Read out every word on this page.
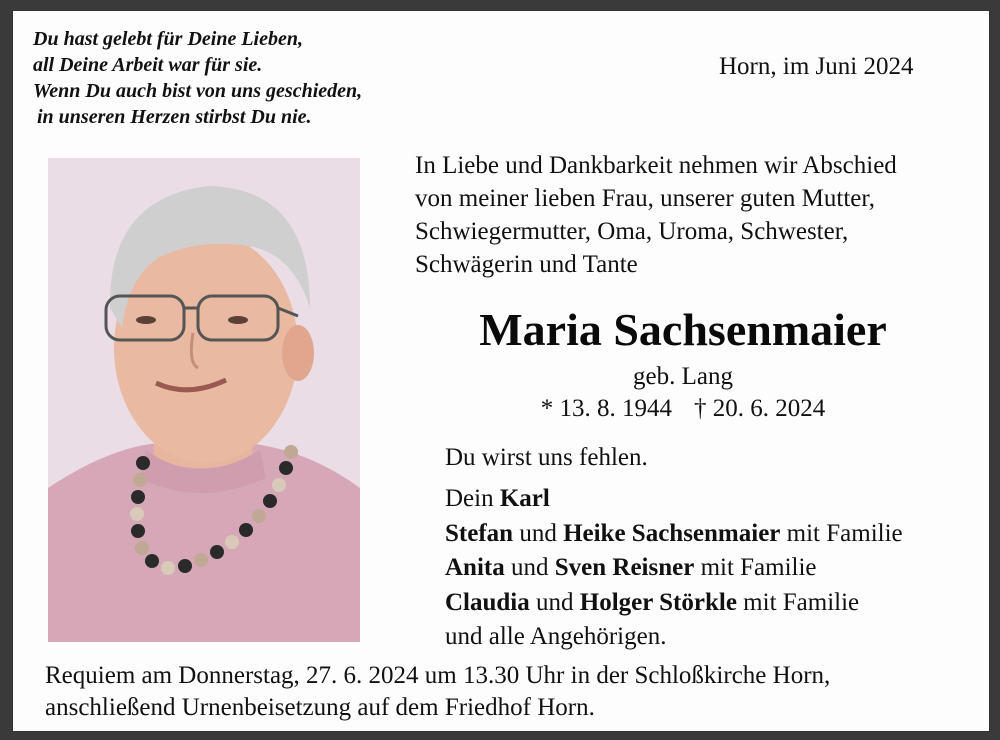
Du hast gelebt für Deine Lieben,
all Deine Arbeit war für sie.
Wenn Du auch bist von uns geschieden,
in unseren Herzen stirbst Du nie.
Horn, im Juni 2024
In Liebe und Dankbarkeit nehmen wir Abschied
von meiner lieben Frau, unserer guten Mutter,
Schwiegermutter, Oma, Uroma, Schwester,
Schwägerin und Tante
Maria Sachsenmaier
geb. Lang
* 13. 8. 1944 † 20. 6. 2024
Du wirst uns fehlen.
Dein Karl
Stefan und Heike Sachsenmaier mit Familie
Anita und Sven Reisner mit Familie
Claudia und Holger Störkle mit Familie
und alle Angehörigen.
Requiem am Donnerstag, 27. 6. 2024 um 13.30 Uhr in der Schloßkirche Horn,
anschließend Urnenbeisetzung auf dem Friedhof Horn.
